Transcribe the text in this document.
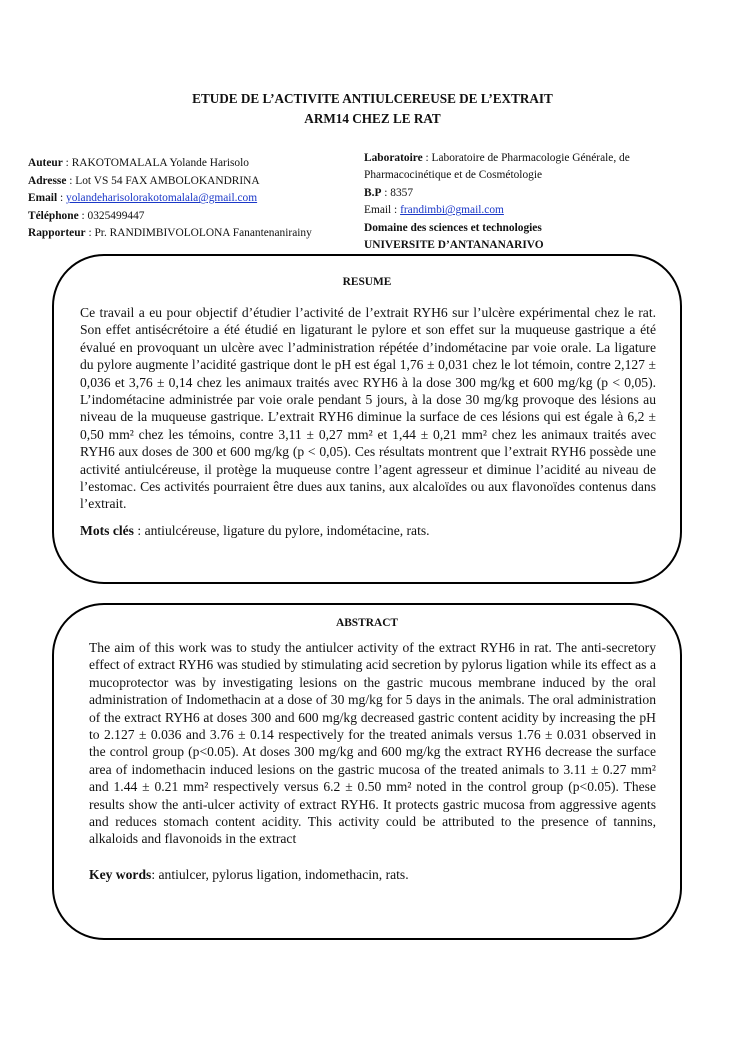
ETUDE DE L’ACTIVITE ANTIULCEREUSE DE L’EXTRAIT
ARM14 CHEZ LE RAT
Auteur : RAKOTOMALALA Yolande Harisolo
Adresse : Lot VS 54 FAX AMBOLOKANDRINA
Email : yolandeharisolorakotomalala@gmail.com
Téléphone : 0325499447
Rapporteur : Pr. RANDIMBIVOLOLONA Fanantenanirainy
Laboratoire : Laboratoire de Pharmacologie Générale, de
Pharmacocinétique et de Cosmétologie
B.P : 8357
Email : frandimbi@gmail.com
Domaine des sciences et technologies
UNIVERSITE D’ANTANANARIVO
RESUME
Ce travail a eu pour objectif d’étudier l’activité de l’extrait RYH6 sur l’ulcère expérimental chez le rat. Son effet antisécrétoire a été étudié en ligaturant le pylore et son effet sur la muqueuse gastrique a été évalué en provoquant un ulcère avec l’administration répétée d’indométacine par voie orale. La ligature du pylore augmente l’acidité gastrique dont le pH est égal 1,76 ± 0,031 chez le lot témoin, contre 2,127 ± 0,036 et 3,76 ± 0,14 chez les animaux traités avec RYH6 à la dose 300 mg/kg et 600 mg/kg (p < 0,05). L’indométacine administrée par voie orale pendant 5 jours, à la dose 30 mg/kg provoque des lésions au niveau de la muqueuse gastrique. L’extrait RYH6 diminue la surface de ces lésions qui est égale à 6,2 ± 0,50 mm² chez les témoins, contre 3,11 ± 0,27 mm² et 1,44 ± 0,21 mm² chez les animaux traités avec RYH6 aux doses de 300 et 600 mg/kg (p < 0,05). Ces résultats montrent que l’extrait RYH6 possède une activité antiulcéreuse, il protège la muqueuse contre l’agent agresseur et diminue l’acidité au niveau de l’estomac. Ces activités pourraient être dues aux tanins, aux alcaloïdes ou aux flavonoïdes contenus dans l’extrait.
Mots clés : antiulcéreuse, ligature du pylore, indométacine, rats.
ABSTRACT
The aim of this work was to study the antiulcer activity of the extract RYH6 in rat. The anti-secretory effect of extract RYH6 was studied by stimulating acid secretion by pylorus ligation while its effect as a mucoprotector was by investigating lesions on the gastric mucous membrane induced by the oral administration of Indomethacin at a dose of 30 mg/kg for 5 days in the animals. The oral administration of the extract RYH6 at doses 300 and 600 mg/kg decreased gastric content acidity by increasing the pH to 2.127 ± 0.036 and 3.76 ± 0.14 respectively for the treated animals versus 1.76 ± 0.031 observed in the control group (p<0.05). At doses 300 mg/kg and 600 mg/kg the extract RYH6 decrease the surface area of indomethacin induced lesions on the gastric mucosa of the treated animals to 3.11 ± 0.27 mm² and 1.44 ± 0.21 mm² respectively versus 6.2 ± 0.50 mm² noted in the control group (p<0.05). These results show the anti-ulcer activity of extract RYH6. It protects gastric mucosa from aggressive agents and reduces stomach content acidity. This activity could be attributed to the presence of tannins, alkaloids and flavonoids in the extract
Key words: antiulcer, pylorus ligation, indomethacin, rats.
